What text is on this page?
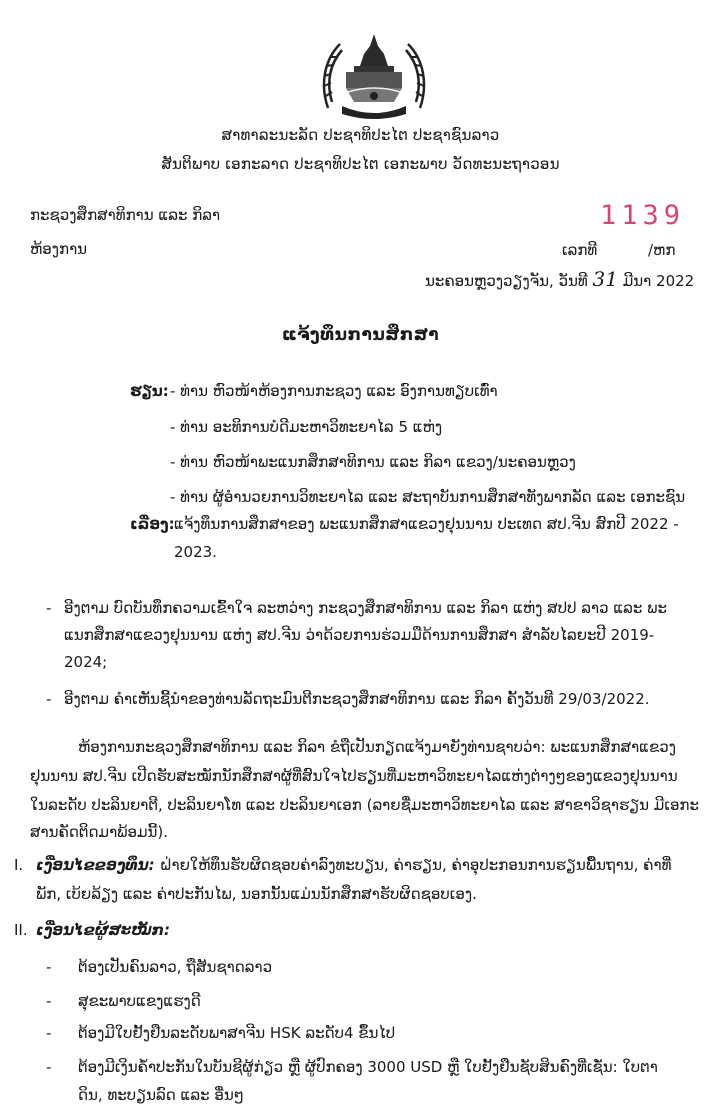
ສາທາລະນະລັດ ປະຊາທິປະໄຕ ປະຊາຊົນລາວ
ສັນຕິພາບ ເອກະລາດ ປະຊາທິປະໄຕ ເອກະພາບ ວັດທະນະຖາວອນ
ກະຊວງສຶກສາທິການ ແລະ ກິລາ
ຫ້ອງການ
1139
ເລກທີ	/ຫກ
ນະຄອນຫຼວງວຽງຈັນ, ວັນທີ 31 ມີນາ 2022
ແຈ້ງທຶນການສຶກສາ
ຮຽນ: - ທ່ານ ຫົວໜ້າຫ້ອງການກະຊວງ ແລະ ອົງການທຽບເທົ່າ
- ທ່ານ ອະທິການບໍດີມະຫາວິທະຍາໄລ 5 ແຫ່ງ
- ທ່ານ ຫົວໜ້າພະແນກສຶກສາທິການ ແລະ ກິລາ ແຂວງ/ນະຄອນຫຼວງ
- ທ່ານ ຜູ້ອຳນວຍການວິທະຍາໄລ ແລະ ສະຖາບັນການສຶກສາທັງພາກລັດ ແລະ ເອກະຊົນ
ເລື່ອງ: ແຈ້ງທຶນການສຶກສາຂອງ ພະແນກສຶກສາແຂວງຢຸນນານ ປະເທດ ສປ.ຈີນ ສົກປີ 2022 -
2023.
- ອີງຕາມ ບົດບັນທຶກຄວາມເຂົ້າໃຈ ລະຫວ່າງ ກະຊວງສຶກສາທິການ ແລະ ກິລາ ແຫ່ງ ສປປ ລາວ ແລະ ພະ
ແນກສຶກສາແຂວງຢຸນນານ ແຫ່ງ ສປ.ຈີນ ວ່າດ້ວຍການຮ່ວມມືດ້ານການສຶກສາ ສຳລັບໄລຍະປີ 2019-
2024;
- ອີງຕາມ ຄຳເຫັນຊີ້ນຳຂອງທ່ານລັດຖະມົນຕີກະຊວງສຶກສາທິການ ແລະ ກິລາ ຄັ້ງວັນທີ 29/03/2022.
ຫ້ອງການກະຊວງສຶກສາທິການ ແລະ ກິລາ ຂໍຖືເປັນກຽດແຈ້ງມາຍັງທ່ານຊາບວ່າ: ພະແນກສຶກສາແຂວງ
ຢຸນນານ ສປ.ຈີນ ເປີດຮັບສະໝັກນັກສຶກສາຜູ້ທີ່ສົນໃຈໄປຮຽນທີ່ມະຫາວິທະຍາໄລແຫ່ງຕ່າງໆຂອງແຂວງຢຸນນານ
ໃນລະດັບ ປະລິນຍາຕີ, ປະລິນຍາໂທ ແລະ ປະລິນຍາເອກ (ລາຍຊື່ມະຫາວິທະຍາໄລ ແລະ ສາຂາວິຊາຮຽນ ມີເອກະ
ສານຄັດຕິດມາພ້ອມນີ້).
I. ເງື່ອນໄຂຂອງທຶນ: ຝ່າຍໃຫ້ທຶນຮັບຜິດຊອບຄ່າລົງທະບຽນ, ຄ່າຮຽນ, ຄ່າອຸປະກອນການຮຽນພື້ນຖານ, ຄ່າທີ່
ພັກ, ເບ້ຍລ້ຽງ ແລະ ຄ່າປະກັນໄພ, ນອກນັ້ນແມ່ນນັກສຶກສາຮັບຜິດຊອບເອງ.
II. ເງື່ອນໄຂຜູ້ສະໝັກ:
- ຕ້ອງເປັນຄົນລາວ, ຖືສັນຊາດລາວ
- ສຸຂະພາບແຂງແຮງດີ
- ຕ້ອງມີໃບຢັ້ງຢືນລະດັບພາສາຈີນ HSK ລະດັບ4 ຂຶ້ນໄປ
- ຕ້ອງມີເງິນຄໍ້າປະກັນໃນບັນຊີຜູ້ກ່ຽວ ຫຼື ຜູ້ປົກຄອງ 3000 USD ຫຼື ໃບຢັ້ງຢືນຊັບສິນຄົງທີ່ເຊັ່ນ: ໃບຕາ
ດິນ, ທະບຽນລົດ ແລະ ອື່ນໆ
